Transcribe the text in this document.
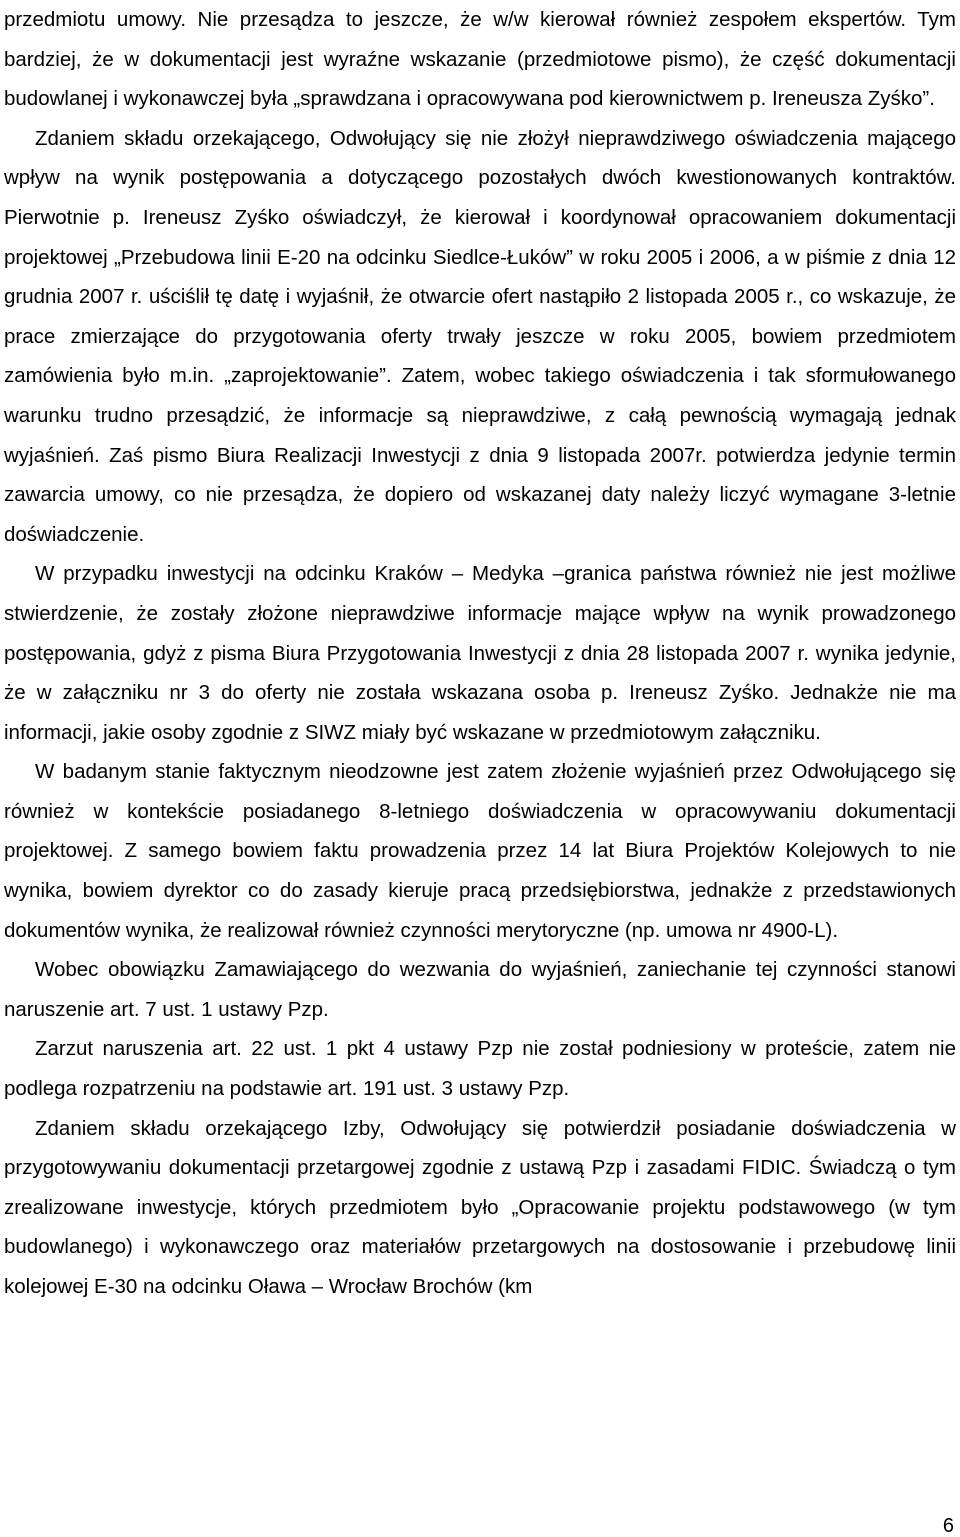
przedmiotu umowy. Nie przesądza to jeszcze, że w/w kierował również zespołem ekspertów. Tym bardziej, że w dokumentacji jest wyraźne wskazanie (przedmiotowe pismo), że część dokumentacji budowlanej i wykonawczej była „sprawdzana i opracowywana pod kierownictwem p. Ireneusza Zyśko”.

Zdaniem składu orzekającego, Odwołujący się nie złożył nieprawdziwego oświadczenia mającego wpływ na wynik postępowania a dotyczącego pozostałych dwóch kwestionowanych kontraktów. Pierwotnie p. Ireneusz Zyśko oświadczył, że kierował i koordynował opracowaniem dokumentacji projektowej „Przebudowa linii E-20 na odcinku Siedlce-Łuków” w roku 2005 i 2006, a w piśmie z dnia 12 grudnia 2007 r. uściślił tę datę i wyjaśnił, że otwarcie ofert nastąpiło 2 listopada 2005 r., co wskazuje, że prace zmierzające do przygotowania oferty trwały jeszcze w roku 2005, bowiem przedmiotem zamówienia było m.in. „zaprojektowanie”. Zatem, wobec takiego oświadczenia i tak sformułowanego warunku trudno przesądzić, że informacje są nieprawdziwe, z całą pewnością wymagają jednak wyjaśnień. Zaś pismo Biura Realizacji Inwestycji z dnia 9 listopada 2007r. potwierdza jedynie termin zawarcia umowy, co nie przesądza, że dopiero od wskazanej daty należy liczyć wymagane 3-letnie doświadczenie.

W przypadku inwestycji na odcinku Kraków – Medyka –granica państwa również nie jest możliwe stwierdzenie, że zostały złożone nieprawdziwe informacje mające wpływ na wynik prowadzonego postępowania, gdyż z pisma Biura Przygotowania Inwestycji z dnia 28 listopada 2007 r. wynika jedynie, że w załączniku nr 3 do oferty nie została wskazana osoba p. Ireneusz Zyśko. Jednakże nie ma informacji, jakie osoby zgodnie z SIWZ miały być wskazane w przedmiotowym załączniku.

W badanym stanie faktycznym nieodzowne jest zatem złożenie wyjaśnień przez Odwołującego się również w kontekście posiadanego 8-letniego doświadczenia w opracowywaniu dokumentacji projektowej. Z samego bowiem faktu prowadzenia przez 14 lat Biura Projektów Kolejowych to nie wynika, bowiem dyrektor co do zasady kieruje pracą przedsiębiorstwa, jednakże z przedstawionych dokumentów wynika, że realizował również czynności merytoryczne (np. umowa nr 4900-L).

Wobec obowiązku Zamawiającego do wezwania do wyjaśnień, zaniechanie tej czynności stanowi naruszenie art. 7 ust. 1 ustawy Pzp.

Zarzut naruszenia art. 22 ust. 1 pkt 4 ustawy Pzp nie został podniesiony w proteście, zatem nie podlega rozpatrzeniu na podstawie art. 191 ust. 3 ustawy Pzp.

Zdaniem składu orzekającego Izby, Odwołujący się potwierdził posiadanie doświadczenia w przygotowywaniu dokumentacji przetargowej zgodnie z ustawą Pzp i zasadami FIDIC. Świadczą o tym zrealizowane inwestycje, których przedmiotem było „Opracowanie projektu podstawowego (w tym budowlanego) i wykonawczego oraz materiałów przetargowych na dostosowanie i przebudowę linii kolejowej E-30 na odcinku Oława – Wrocław Brochów (km

6
